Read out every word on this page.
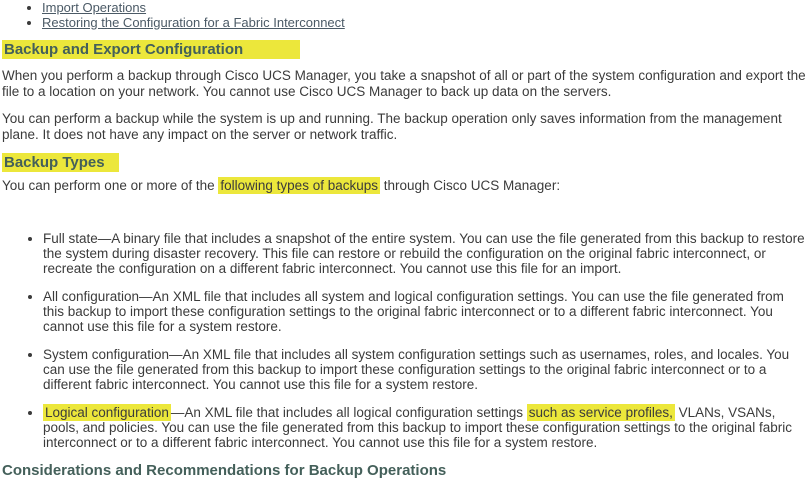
• Import Operations
• Restoring the Configuration for a Fabric Interconnect
Backup and Export Configuration

When you perform a backup through Cisco UCS Manager, you take a snapshot of all or part of the system configuration and export the file to a location on your network. You cannot use Cisco UCS Manager to back up data on the servers.

You can perform a backup while the system is up and running. The backup operation only saves information from the management plane. It does not have any impact on the server or network traffic.

Backup Types

You can perform one or more of the following types of backups through Cisco UCS Manager:

• Full state—A binary file that includes a snapshot of the entire system. You can use the file generated from this backup to restore the system during disaster recovery. This file can restore or rebuild the configuration on the original fabric interconnect, or recreate the configuration on a different fabric interconnect. You cannot use this file for an import.
• All configuration—An XML file that includes all system and logical configuration settings. You can use the file generated from this backup to import these configuration settings to the original fabric interconnect or to a different fabric interconnect. You cannot use this file for a system restore.
• System configuration—An XML file that includes all system configuration settings such as usernames, roles, and locales. You can use the file generated from this backup to import these configuration settings to the original fabric interconnect or to a different fabric interconnect. You cannot use this file for a system restore.
• Logical configuration —An XML file that includes all logical configuration settings such as service profiles, VLANs, VSANs, pools, and policies. You can use the file generated from this backup to import these configuration settings to the original fabric interconnect or to a different fabric interconnect. You cannot use this file for a system restore.
Considerations and Recommendations for Backup Operations
